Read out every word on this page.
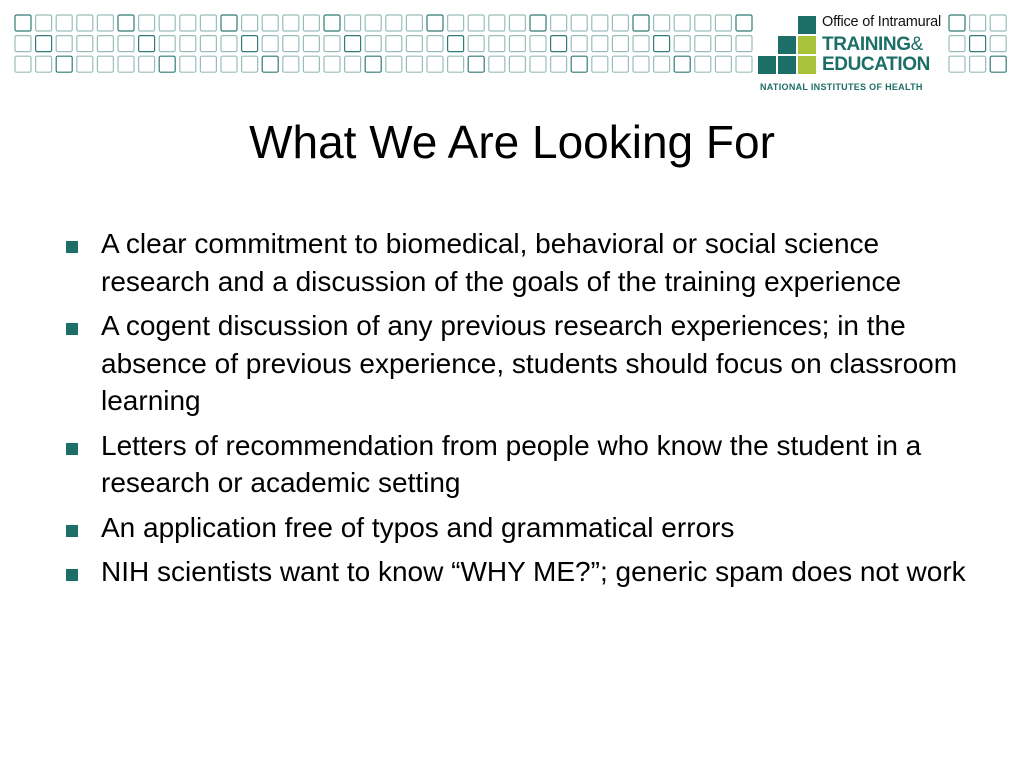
Office of Intramural
TRAINING&
EDUCATION
NATIONAL INSTITUTES OF HEALTH
What We Are Looking For
A clear commitment to biomedical, behavioral or social science research and a discussion of the goals of the training experience
A cogent discussion of any previous research experiences; in the absence of previous experience, students should focus on classroom learning
Letters of recommendation from people who know the student in a research or academic setting
An application free of typos and grammatical errors
NIH scientists want to know “WHY ME?”; generic spam does not work
